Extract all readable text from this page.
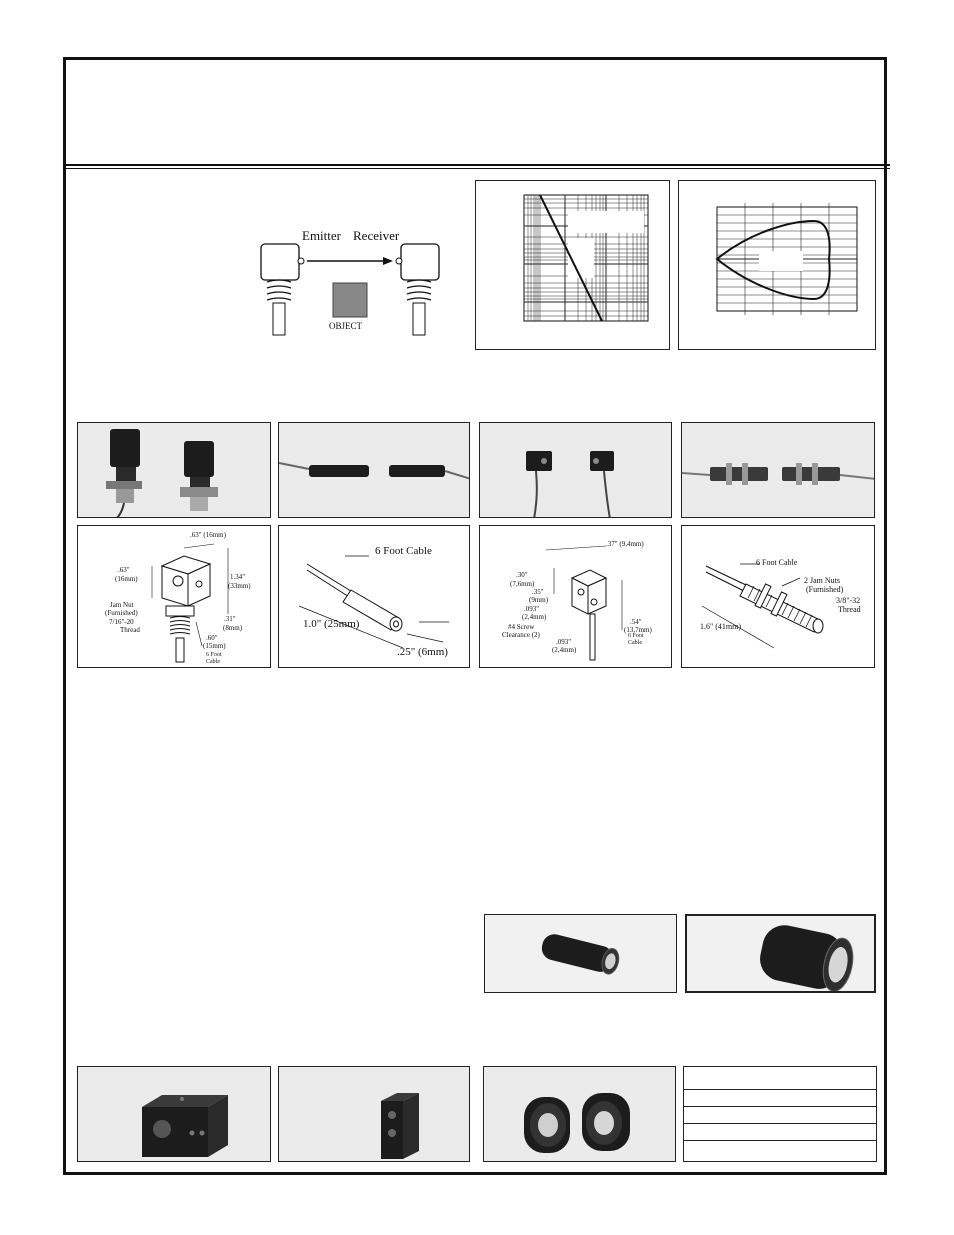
Emitter Receiver
OBJECT
.63" (16mm)
.63"
(16mm)	1.34"
(33mm)
Jam Nut
(Furnished)
7/16"-20
Thread
.31"
(8mm)
.60"
(15mm)
6 Foot
Cable
6 Foot Cable
1.0" (25mm)
.25" (6mm)
.37" (9,4mm)
.30"
(7,6mm)
.35"
(9mm)
.093"
(2,4mm)
.54"
(13,7mm)
#4 Screw
Clearance (2)	6 Foot
Cable
.093"
(2,4mm)
6 Foot Cable
2 Jam Nuts
(Furnished)
3/8"-32
Thread
1.6" (41mm)
